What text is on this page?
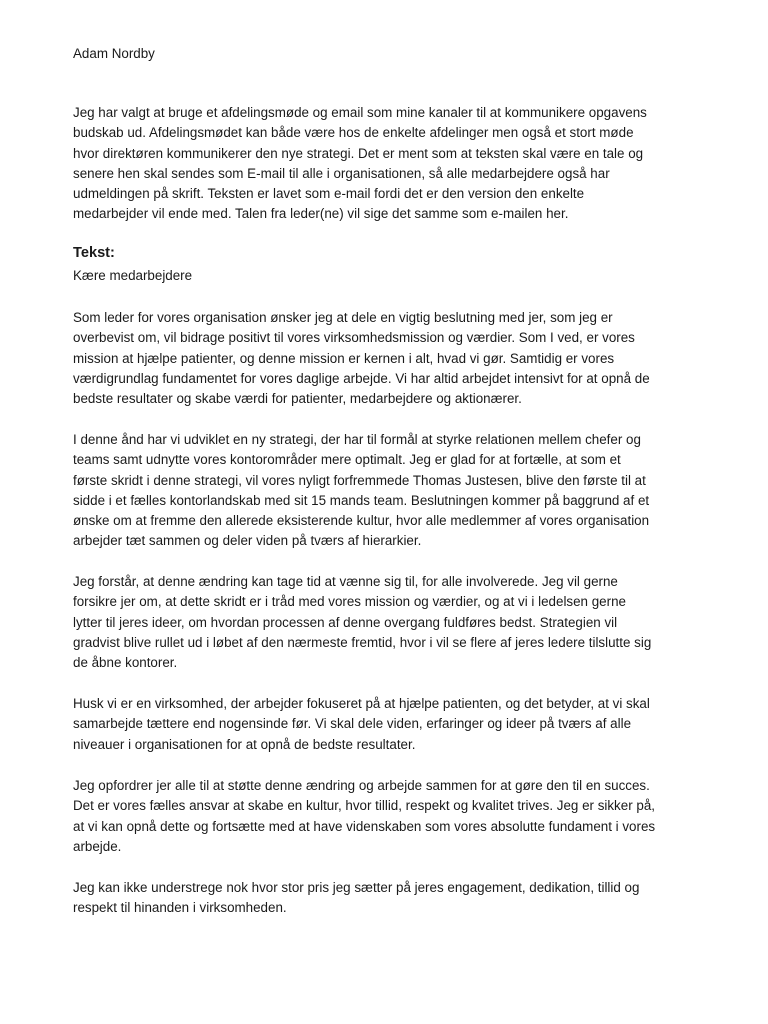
Adam Nordby

Jeg har valgt at bruge et afdelingsmøde og email som mine kanaler til at kommunikere opgavens
budskab ud. Afdelingsmødet kan både være hos de enkelte afdelinger men også et stort møde
hvor direktøren kommunikerer den nye strategi. Det er ment som at teksten skal være en tale og
senere hen skal sendes som E-mail til alle i organisationen, så alle medarbejdere også har
udmeldingen på skrift. Teksten er lavet som e-mail fordi det er den version den enkelte
medarbejder vil ende med. Talen fra leder(ne) vil sige det samme som e-mailen her.

Tekst:

Kære medarbejdere

Som leder for vores organisation ønsker jeg at dele en vigtig beslutning med jer, som jeg er
overbevist om, vil bidrage positivt til vores virksomhedsmission og værdier. Som I ved, er vores
mission at hjælpe patienter, og denne mission er kernen i alt, hvad vi gør. Samtidig er vores
værdigrundlag fundamentet for vores daglige arbejde. Vi har altid arbejdet intensivt for at opnå de
bedste resultater og skabe værdi for patienter, medarbejdere og aktionærer.

I denne ånd har vi udviklet en ny strategi, der har til formål at styrke relationen mellem chefer og
teams samt udnytte vores kontorområder mere optimalt. Jeg er glad for at fortælle, at som et
første skridt i denne strategi, vil vores nyligt forfremmede Thomas Justesen, blive den første til at
sidde i et fælles kontorlandskab med sit 15 mands team. Beslutningen kommer på baggrund af et
ønske om at fremme den allerede eksisterende kultur, hvor alle medlemmer af vores organisation
arbejder tæt sammen og deler viden på tværs af hierarkier.

Jeg forstår, at denne ændring kan tage tid at vænne sig til, for alle involverede. Jeg vil gerne
forsikre jer om, at dette skridt er i tråd med vores mission og værdier, og at vi i ledelsen gerne
lytter til jeres ideer, om hvordan processen af denne overgang fuldføres bedst. Strategien vil
gradvist blive rullet ud i løbet af den nærmeste fremtid, hvor i vil se flere af jeres ledere tilslutte sig
de åbne kontorer.

Husk vi er en virksomhed, der arbejder fokuseret på at hjælpe patienten, og det betyder, at vi skal
samarbejde tættere end nogensinde før. Vi skal dele viden, erfaringer og ideer på tværs af alle
niveauer i organisationen for at opnå de bedste resultater.

Jeg opfordrer jer alle til at støtte denne ændring og arbejde sammen for at gøre den til en succes.
Det er vores fælles ansvar at skabe en kultur, hvor tillid, respekt og kvalitet trives. Jeg er sikker på,
at vi kan opnå dette og fortsætte med at have videnskaben som vores absolutte fundament i vores
arbejde.

Jeg kan ikke understrege nok hvor stor pris jeg sætter på jeres engagement, dedikation, tillid og
respekt til hinanden i virksomheden.
